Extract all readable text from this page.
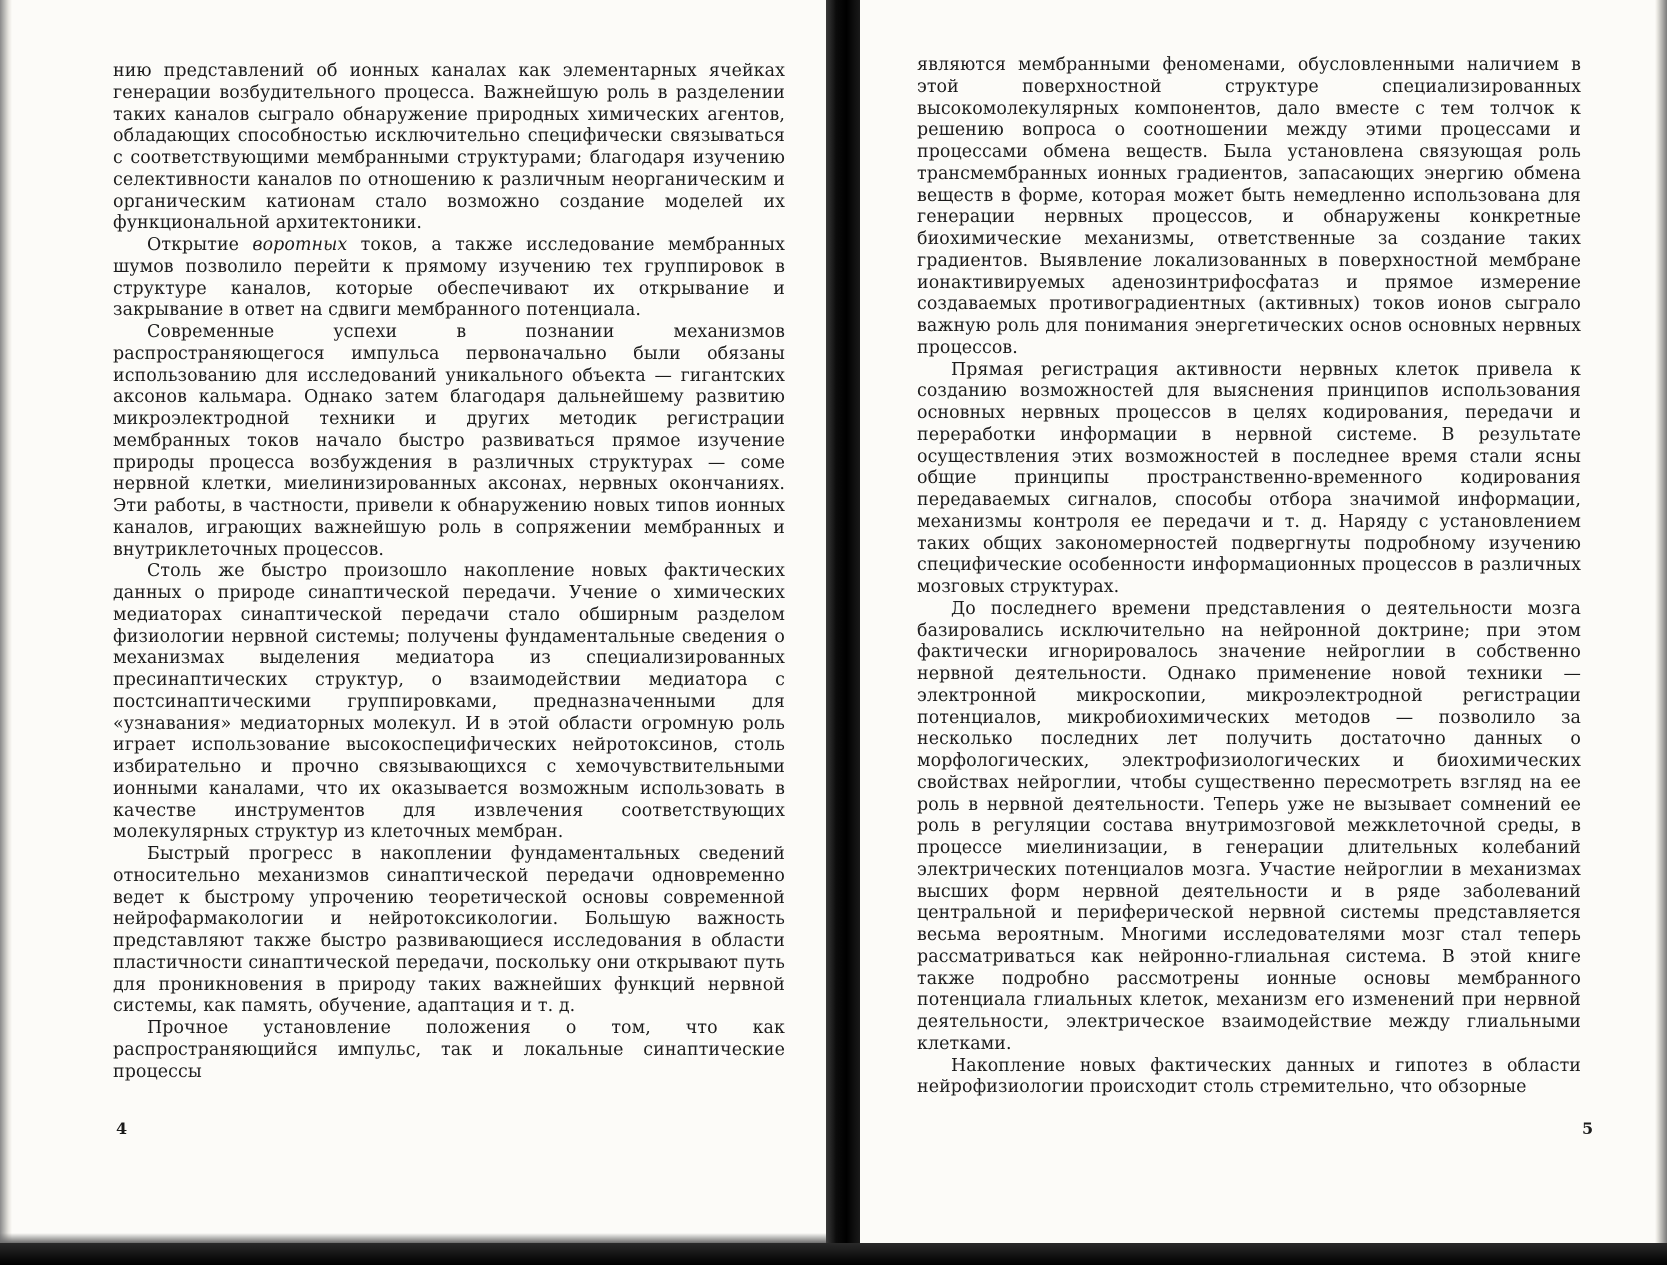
нию представлений об ионных каналах как элементарных ячейках генерации возбудительного процесса. Важнейшую роль в разделении таких каналов сыграло обнаружение природных химических агентов, обладающих способностью исключительно специфически связываться с соответствующими мембранными структурами; благодаря изучению селективности каналов по отношению к различным неорганическим и органическим катионам стало возможно создание моделей их функциональной архитектоники.

Открытие воротных токов, а также исследование мембранных шумов позволило перейти к прямому изучению тех группировок в структуре каналов, которые обеспечивают их открывание и закрывание в ответ на сдвиги мембранного потенциала.

Современные успехи в познании механизмов распространяющегося импульса первоначально были обязаны использованию для исследований уникального объекта — гигантских аксонов кальмара. Однако затем благодаря дальнейшему развитию микроэлектродной техники и других методик регистрации мембранных токов начало быстро развиваться прямое изучение природы процесса возбуждения в различных структурах — соме нервной клетки, миелинизированных аксонах, нервных окончаниях. Эти работы, в частности, привели к обнаружению новых типов ионных каналов, играющих важнейшую роль в сопряжении мембранных и внутриклеточных процессов.

Столь же быстро произошло накопление новых фактических данных о природе синаптической передачи. Учение о химических медиаторах синаптической передачи стало обширным разделом физиологии нервной системы; получены фундаментальные сведения о механизмах выделения медиатора из специализированных пресинаптических структур, о взаимодействии медиатора с постсинаптическими группировками, предназначенными для «узнавания» медиаторных молекул. И в этой области огромную роль играет использование высокоспецифических нейротоксинов, столь избирательно и прочно связывающихся с хемочувствительными ионными каналами, что их оказывается возможным использовать в качестве инструментов для извлечения соответствующих молекулярных структур из клеточных мембран.

Быстрый прогресс в накоплении фундаментальных сведений относительно механизмов синаптической передачи одновременно ведет к быстрому упрочению теоретической основы современной нейрофармакологии и нейротоксикологии. Большую важность представляют также быстро развивающиеся исследования в области пластичности синаптической передачи, поскольку они открывают путь для проникновения в природу таких важнейших функций нервной системы, как память, обучение, адаптация и т. д.

Прочное установление положения о том, что как распространяющийся импульс, так и локальные синаптические процессы

4

являются мембранными феноменами, обусловленными наличием в этой поверхностной структуре специализированных высокомолекулярных компонентов, дало вместе с тем толчок к решению вопроса о соотношении между этими процессами и процессами обмена веществ. Была установлена связующая роль трансмембранных ионных градиентов, запасающих энергию обмена веществ в форме, которая может быть немедленно использована для генерации нервных процессов, и обнаружены конкретные биохимические механизмы, ответственные за создание таких градиентов. Выявление локализованных в поверхностной мембране ионактивируемых аденозинтрифосфатаз и прямое измерение создаваемых противоградиентных (активных) токов ионов сыграло важную роль для понимания энергетических основ основных нервных процессов.

Прямая регистрация активности нервных клеток привела к созданию возможностей для выяснения принципов использования основных нервных процессов в целях кодирования, передачи и переработки информации в нервной системе. В результате осуществления этих возможностей в последнее время стали ясны общие принципы пространственно-временного кодирования передаваемых сигналов, способы отбора значимой информации, механизмы контроля ее передачи и т. д. Наряду с установлением таких общих закономерностей подвергнуты подробному изучению специфические особенности информационных процессов в различных мозговых структурах.

До последнего времени представления о деятельности мозга базировались исключительно на нейронной доктрине; при этом фактически игнорировалось значение нейроглии в собственно нервной деятельности. Однако применение новой техники — электронной микроскопии, микроэлектродной регистрации потенциалов, микробиохимических методов — позволило за несколько последних лет получить достаточно данных о морфологических, электрофизиологических и биохимических свойствах нейроглии, чтобы существенно пересмотреть взгляд на ее роль в нервной деятельности. Теперь уже не вызывает сомнений ее роль в регуляции состава внутримозговой межклеточной среды, в процессе миелинизации, в генерации длительных колебаний электрических потенциалов мозга. Участие нейроглии в механизмах высших форм нервной деятельности и в ряде заболеваний центральной и периферической нервной системы представляется весьма вероятным. Многими исследователями мозг стал теперь рассматриваться как нейронно-глиальная система. В этой книге также подробно рассмотрены ионные основы мембранного потенциала глиальных клеток, механизм его изменений при нервной деятельности, электрическое взаимодействие между глиальными клетками.

Накопление новых фактических данных и гипотез в области нейрофизиологии происходит столь стремительно, что обзорные

5
